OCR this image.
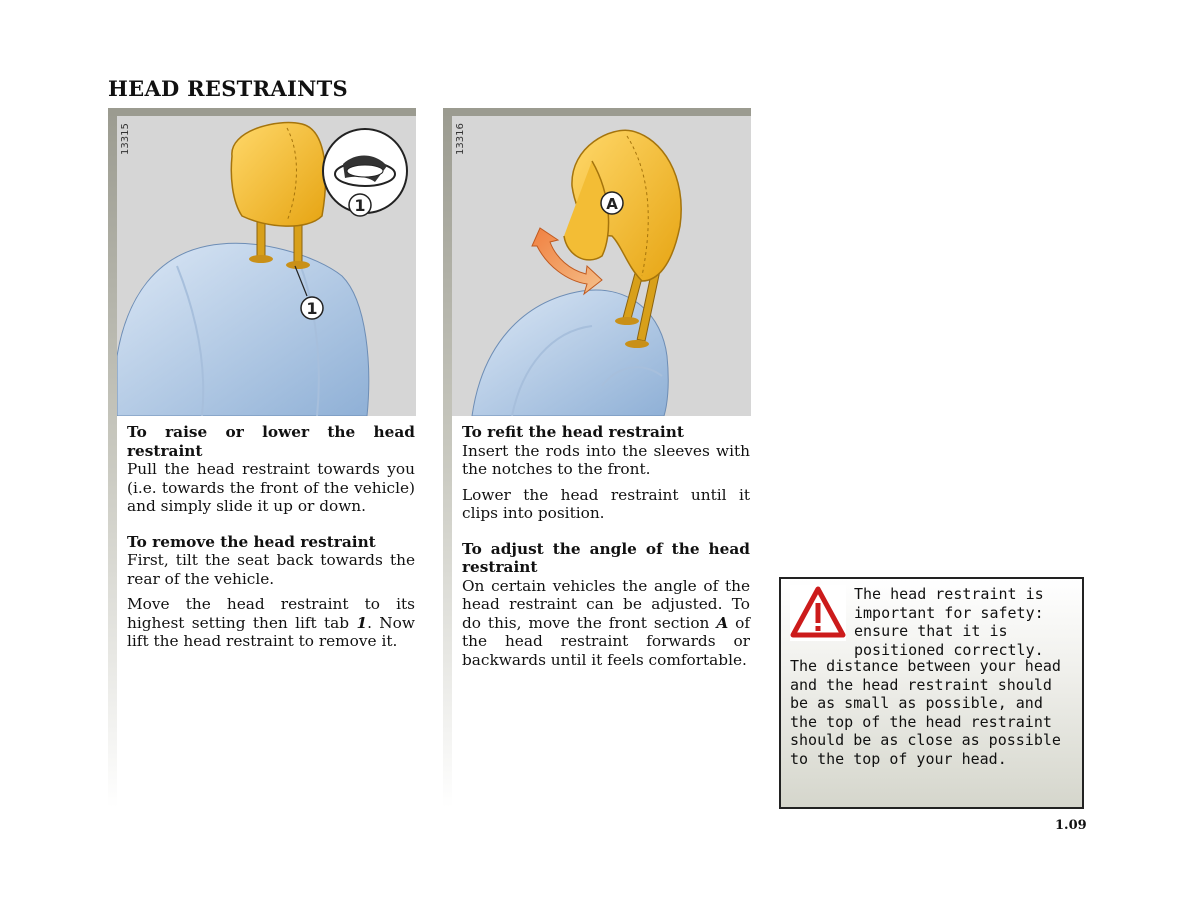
HEAD RESTRAINTS
1
1
13315
A
13316
To raise or lower the head restraint

Pull the head restraint towards you (i.e. towards the front of the vehicle) and simply slide it up or down.

To remove the head restraint

First, tilt the seat back towards the rear of the vehicle.

Move the head restraint to its highest setting then lift tab 1. Now lift the head restraint to remove it.

To refit the head restraint

Insert the rods into the sleeves with the notches to the front.

Lower the head restraint until it clips into position.

To adjust the angle of the head restraint

On certain vehicles the angle of the head restraint can be adjusted. To do this, move the front section A of the head restraint forwards or backwards until it feels comfortable.

The head restraint is important for safety: ensure that it is positioned correctly.
The distance between your head and the head restraint should be as small as possible, and the top of the head restraint should be as close as possible to the top of your head.
1.09
